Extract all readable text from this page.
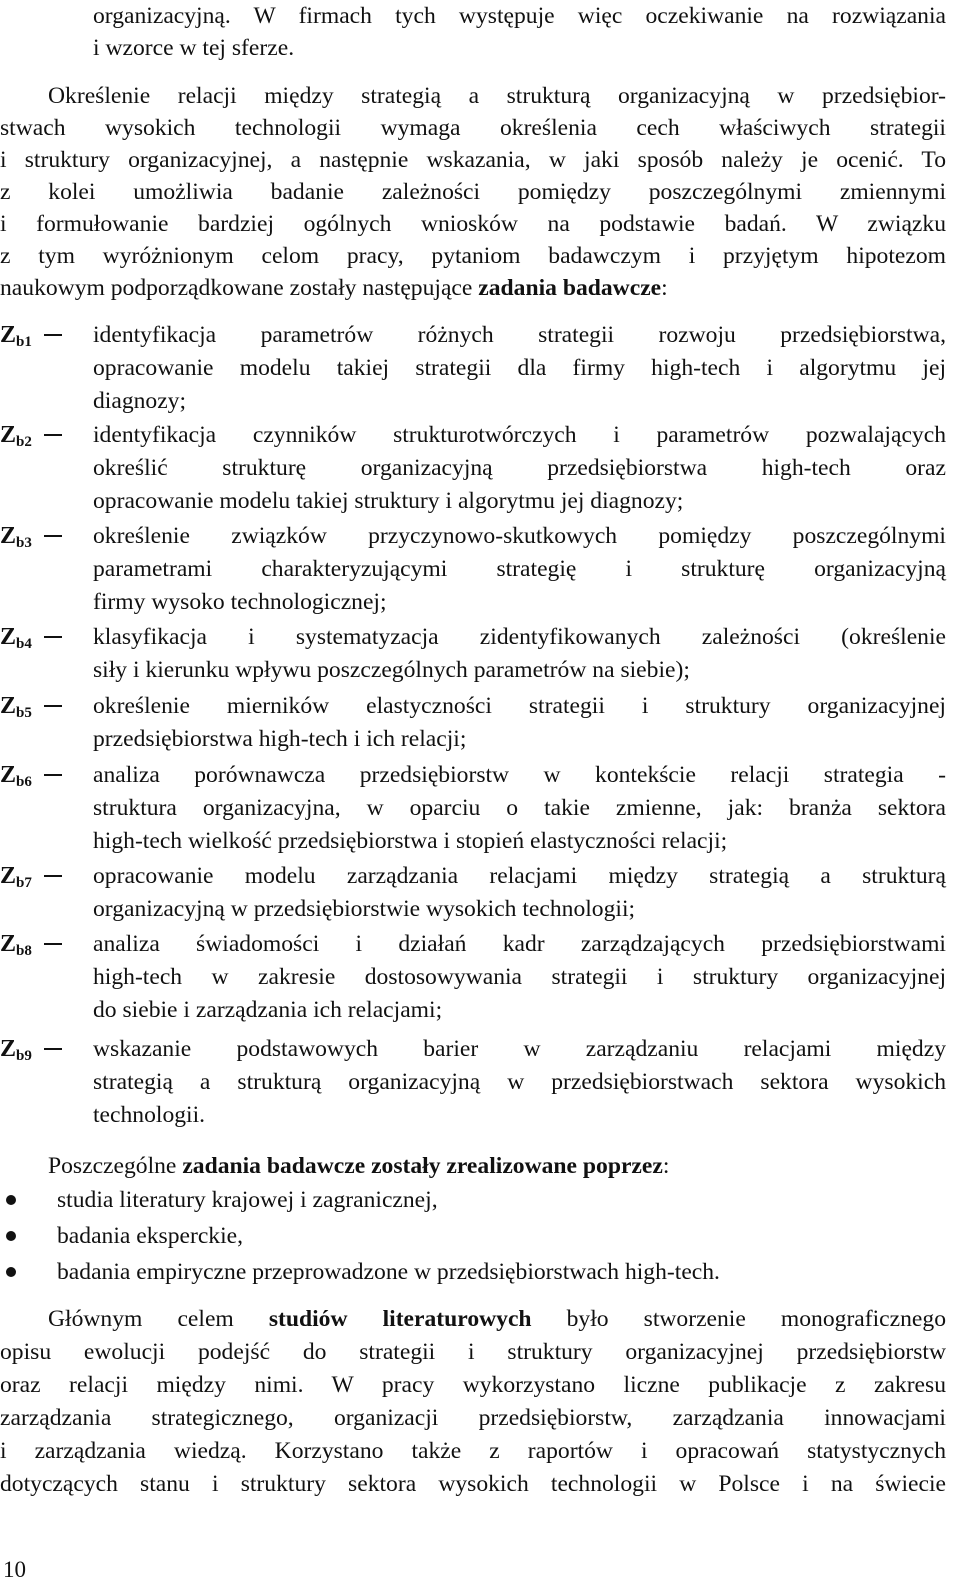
organizacyjną. W firmach tych występuje więc oczekiwanie na rozwiązania
i wzorce w tej sferze.
Określenie relacji między strategią a strukturą organizacyjną w przedsiębior-
stwach wysokich technologii wymaga określenia cech właściwych strategii
i struktury organizacyjnej, a następnie wskazania, w jaki sposób należy je ocenić. To
z kolei umożliwia badanie zależności pomiędzy poszczególnymi zmiennymi
i formułowanie bardziej ogólnych wniosków na podstawie badań. W związku
z tym wyróżnionym celom pracy, pytaniom badawczym i przyjętym hipotezom
naukowym podporządkowane zostały następujące zadania badawcze:
$Z_{b1}$	identyfikacja parametrów różnych strategii rozwoju przedsiębiorstwa,
opracowanie modelu takiej strategii dla firmy high-tech i algorytmu jej
diagnozy;
$Z_{b2}$	identyfikacja czynników strukturotwórczych i parametrów pozwalających
określić strukturę organizacyjną przedsiębiorstwa high-tech oraz
opracowanie modelu takiej struktury i algorytmu jej diagnozy;
$Z_{b3}$	określenie związków przyczynowo-skutkowych pomiędzy poszczególnymi
parametrami charakteryzującymi strategię i strukturę organizacyjną
firmy wysoko technologicznej;
$Z_{b4}$	klasyfikacja i systematyzacja zidentyfikowanych zależności (określenie
siły i kierunku wpływu poszczególnych parametrów na siebie);
$Z_{b5}$	określenie mierników elastyczności strategii i struktury organizacyjnej
przedsiębiorstwa high-tech i ich relacji;
$Z_{b6}$	analiza porównawcza przedsiębiorstw w kontekście relacji strategia -
struktura organizacyjna, w oparciu o takie zmienne, jak: branża sektora
high-tech wielkość przedsiębiorstwa i stopień elastyczności relacji;
$Z_{b7}$	opracowanie modelu zarządzania relacjami między strategią a strukturą
organizacyjną w przedsiębiorstwie wysokich technologii;
$Z_{b8}$	analiza świadomości i działań kadr zarządzających przedsiębiorstwami
high-tech w zakresie dostosowywania strategii i struktury organizacyjnej
do siebie i zarządzania ich relacjami;
$Z_{b9}$	wskazanie podstawowych barier w zarządzaniu relacjami między
strategią a strukturą organizacyjną w przedsiębiorstwach sektora wysokich
technologii.
Poszczególne zadania badawcze zostały zrealizowane poprzez:
studia literatury krajowej i zagranicznej,
badania eksperckie,
badania empiryczne przeprowadzone w przedsiębiorstwach high-tech.
Głównym celem studiów literaturowych było stworzenie monograficznego
opisu ewolucji podejść do strategii i struktury organizacyjnej przedsiębiorstw
oraz relacji między nimi. W pracy wykorzystano liczne publikacje z zakresu
zarządzania strategicznego, organizacji przedsiębiorstw, zarządzania innowacjami
i zarządzania wiedzą. Korzystano także z raportów i opracowań statystycznych
dotyczących stanu i struktury sektora wysokich technologii w Polsce i na świecie
10
